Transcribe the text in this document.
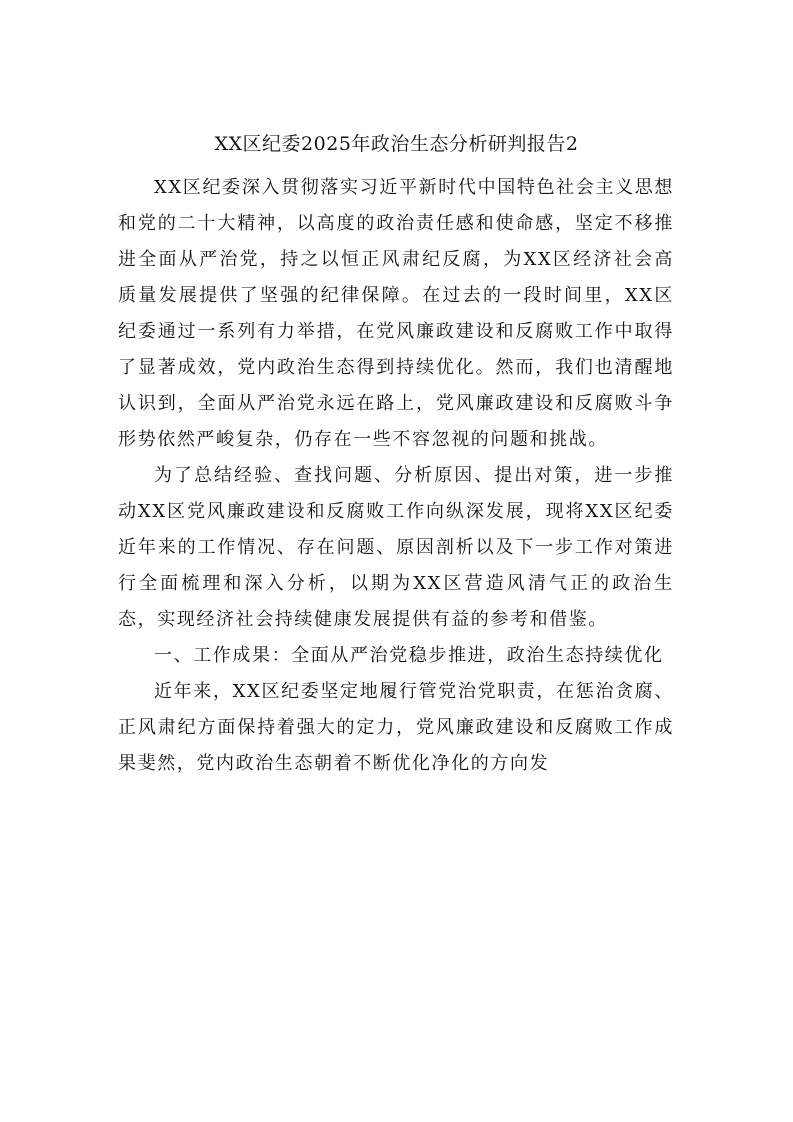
XX区纪委2025年政治生态分析研判报告2

XX区纪委深入贯彻落实习近平新时代中国特色社会主义思想和党的二十大精神，以高度的政治责任感和使命感，坚定不移推进全面从严治党，持之以恒正风肃纪反腐，为XX区经济社会高质量发展提供了坚强的纪律保障。在过去的一段时间里，XX区纪委通过一系列有力举措，在党风廉政建设和反腐败工作中取得了显著成效，党内政治生态得到持续优化。然而，我们也清醒地认识到，全面从严治党永远在路上，党风廉政建设和反腐败斗争形势依然严峻复杂，仍存在一些不容忽视的问题和挑战。

为了总结经验、查找问题、分析原因、提出对策，进一步推动XX区党风廉政建设和反腐败工作向纵深发展，现将XX区纪委近年来的工作情况、存在问题、原因剖析以及下一步工作对策进行全面梳理和深入分析，以期为XX区营造风清气正的政治生态，实现经济社会持续健康发展提供有益的参考和借鉴。

一、工作成果：全面从严治党稳步推进，政治生态持续优化

近年来，XX区纪委坚定地履行管党治党职责，在惩治贪腐、正风肃纪方面保持着强大的定力，党风廉政建设和反腐败工作成果斐然，党内政治生态朝着不断优化净化的方向发
